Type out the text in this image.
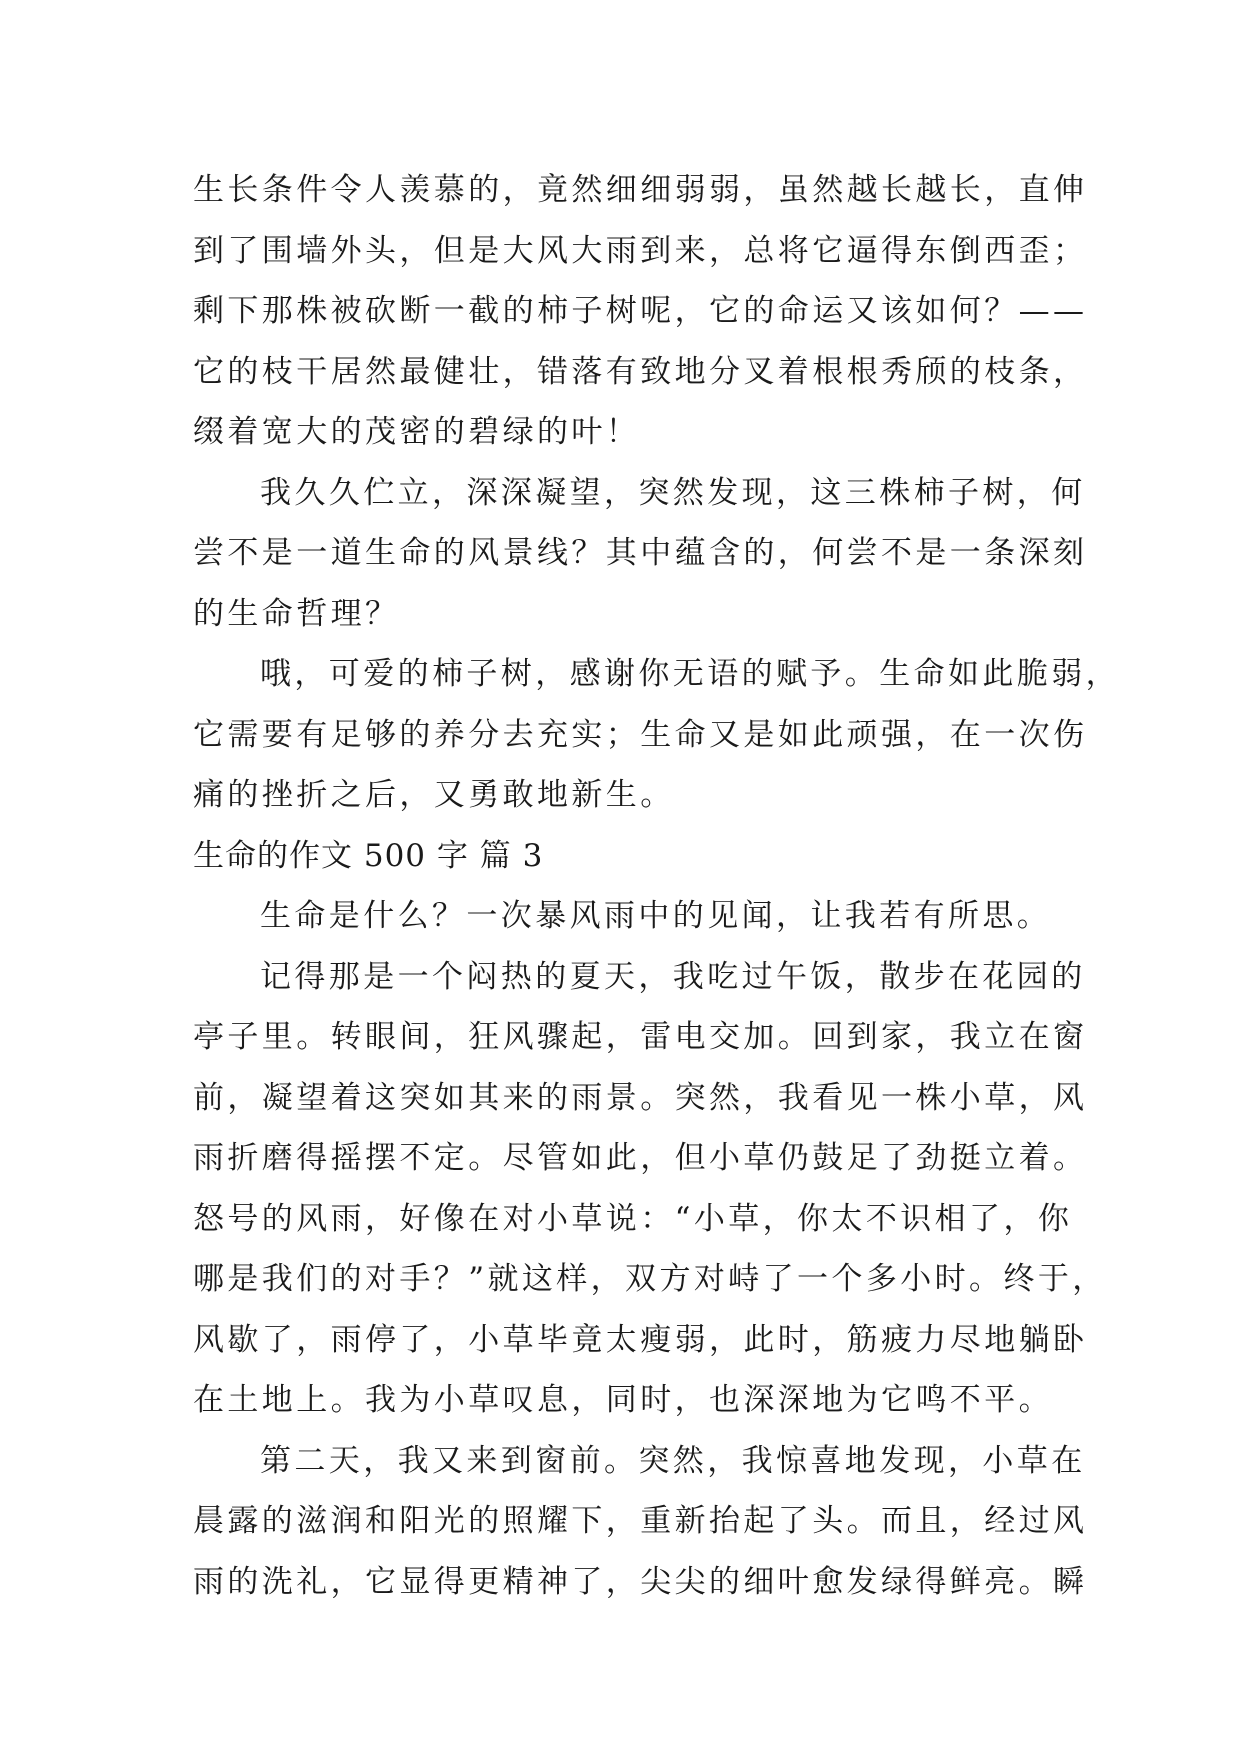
生长条件令人羡慕的，竟然细细弱弱，虽然越长越长，直伸
到了围墙外头，但是大风大雨到来，总将它逼得东倒西歪；
剩下那株被砍断一截的柿子树呢，它的命运又该如何？——
它的枝干居然最健壮，错落有致地分叉着根根秀颀的枝条，
缀着宽大的茂密的碧绿的叶！
我久久伫立，深深凝望，突然发现，这三株柿子树，何
尝不是一道生命的风景线？其中蕴含的，何尝不是一条深刻
的生命哲理？
哦，可爱的柿子树，感谢你无语的赋予。生命如此脆弱，
它需要有足够的养分去充实；生命又是如此顽强，在一次伤
痛的挫折之后，又勇敢地新生。
生命的作文 500 字 篇 3
生命是什么？一次暴风雨中的见闻，让我若有所思。
记得那是一个闷热的夏天，我吃过午饭，散步在花园的
亭子里。转眼间，狂风骤起，雷电交加。回到家，我立在窗
前，凝望着这突如其来的雨景。突然，我看见一株小草，风
雨折磨得摇摆不定。尽管如此，但小草仍鼓足了劲挺立着。
怒号的风雨，好像在对小草说：“小草，你太不识相了，你
哪是我们的对手？”就这样，双方对峙了一个多小时。终于，
风歇了，雨停了，小草毕竟太瘦弱，此时，筋疲力尽地躺卧
在土地上。我为小草叹息，同时，也深深地为它鸣不平。
第二天，我又来到窗前。突然，我惊喜地发现，小草在
晨露的滋润和阳光的照耀下，重新抬起了头。而且，经过风
雨的洗礼，它显得更精神了，尖尖的细叶愈发绿得鲜亮。瞬
